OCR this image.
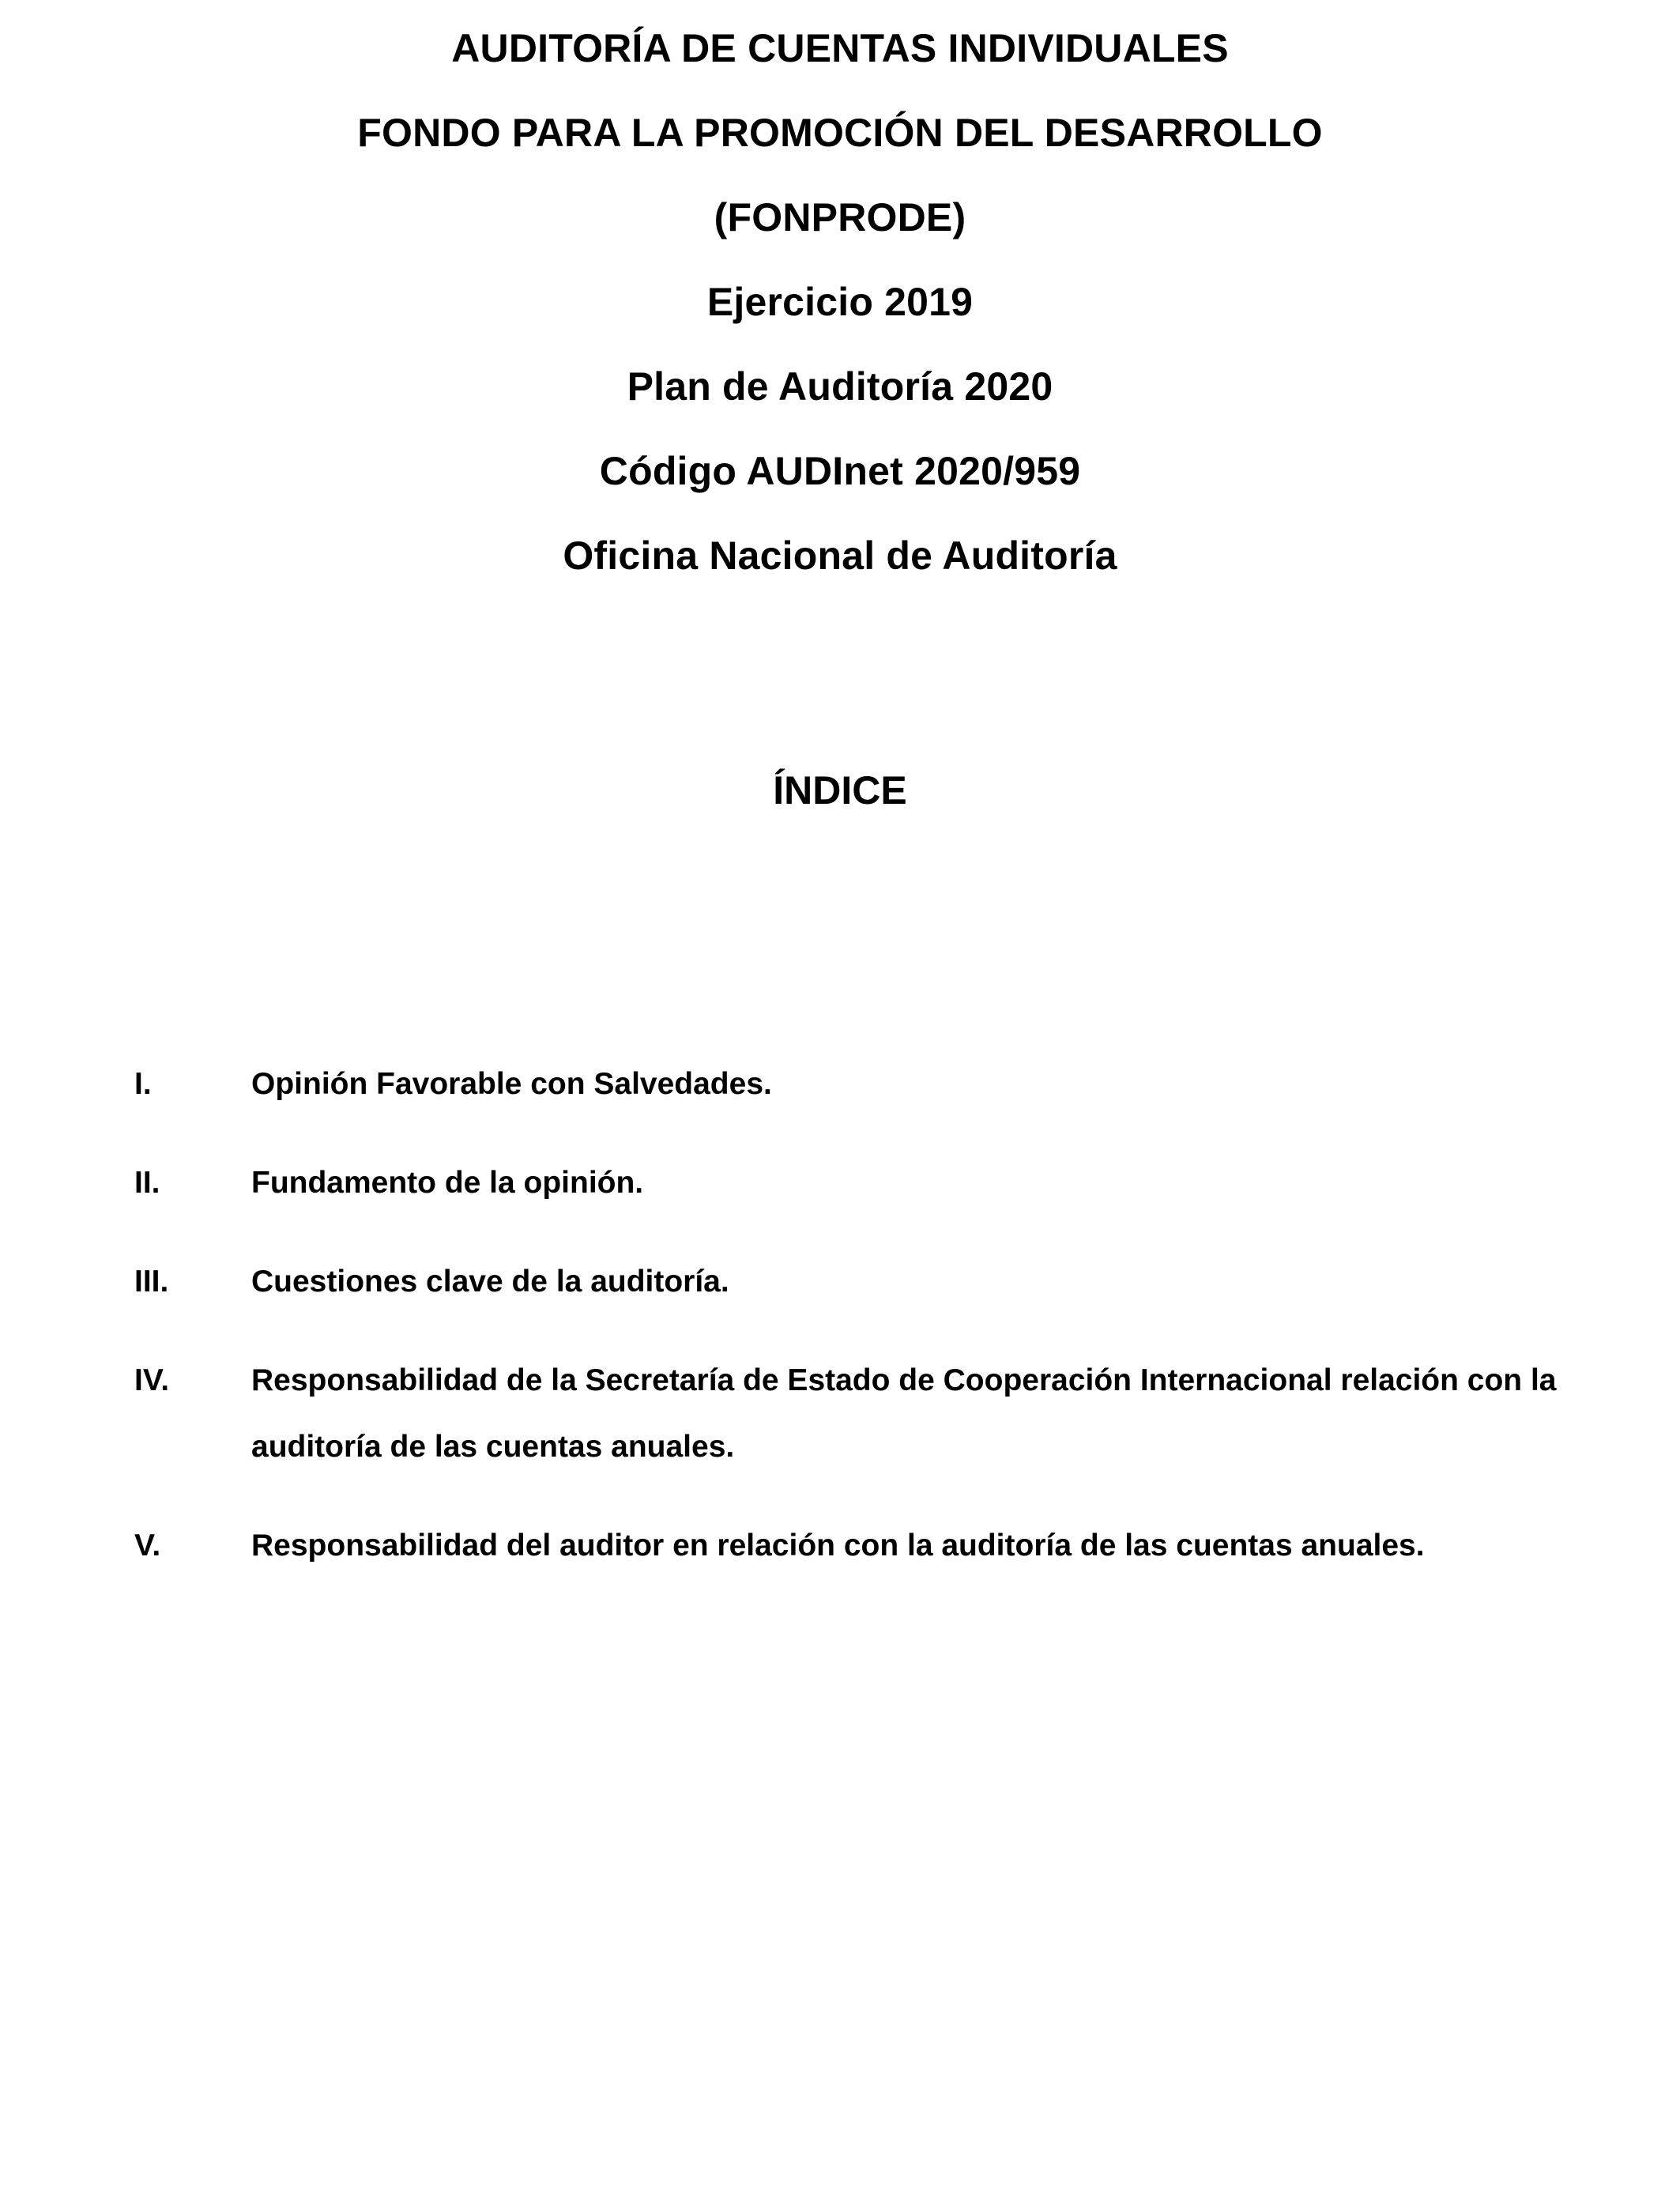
AUDITORÍA DE CUENTAS INDIVIDUALES
FONDO PARA LA PROMOCIÓN DEL DESARROLLO
(FONPRODE)
Ejercicio 2019
Plan de Auditoría 2020
Código AUDInet 2020/959
Oficina Nacional de Auditoría
ÍNDICE
I.	Opinión Favorable con Salvedades.
II.	Fundamento de la opinión.
III.	Cuestiones clave de la auditoría.
IV.	Responsabilidad de la Secretaría de Estado de Cooperación Internacional relación con la auditoría de las cuentas anuales.
V.	Responsabilidad del auditor en relación con la auditoría de las cuentas anuales.
